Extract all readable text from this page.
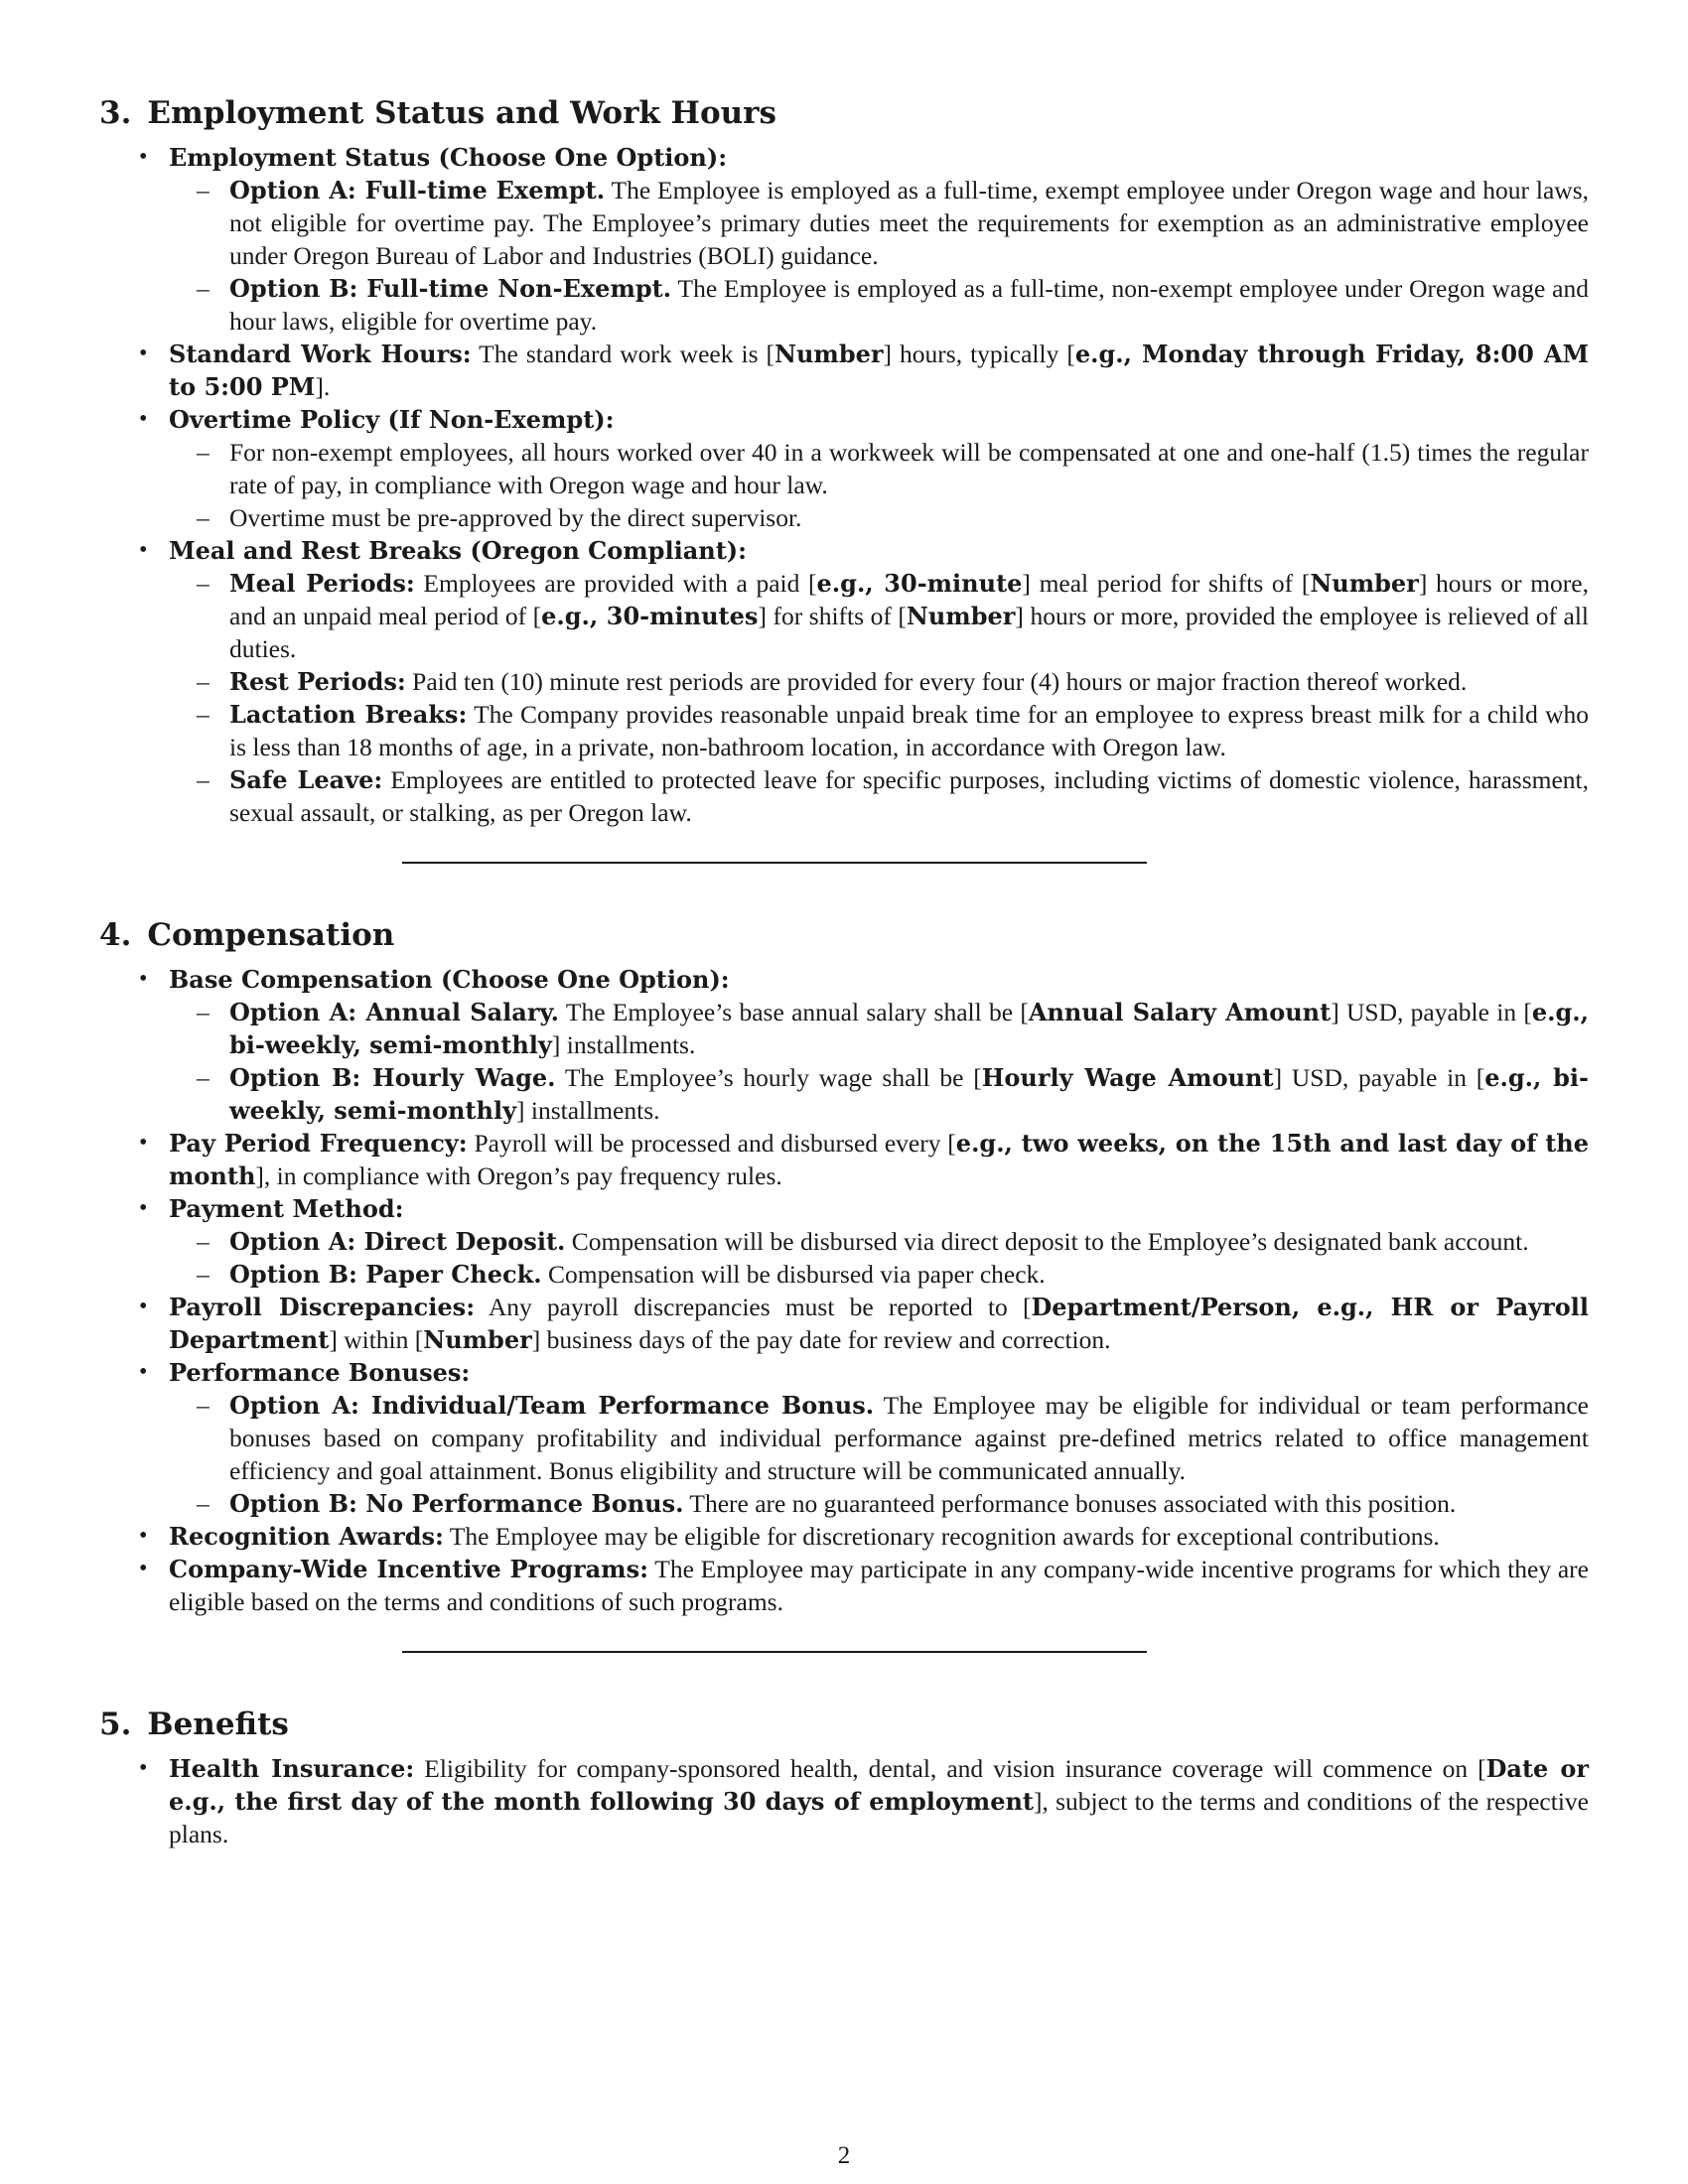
3. Employment Status and Work Hours
• Employment Status (Choose One Option):
– Option A: Full-time Exempt. The Employee is employed as a full-time, exempt employee under Oregon wage and hour laws, not eligible for overtime pay. The Employee’s primary duties meet the requirements for exemption as an administrative employee under Oregon Bureau of Labor and Industries (BOLI) guidance.
– Option B: Full-time Non-Exempt. The Employee is employed as a full-time, non-exempt employee under Oregon wage and hour laws, eligible for overtime pay.
• Standard Work Hours: The standard work week is [Number] hours, typically [e.g., Monday through Friday, 8:00 AM to 5:00 PM].
• Overtime Policy (If Non-Exempt):
– For non-exempt employees, all hours worked over 40 in a workweek will be compensated at one and one-half (1.5) times the regular rate of pay, in compliance with Oregon wage and hour law.
– Overtime must be pre-approved by the direct supervisor.
• Meal and Rest Breaks (Oregon Compliant):
– Meal Periods: Employees are provided with a paid [e.g., 30-minute] meal period for shifts of [Number] hours or more, and an unpaid meal period of [e.g., 30-minutes] for shifts of [Number] hours or more, provided the employee is relieved of all duties.
– Rest Periods: Paid ten (10) minute rest periods are provided for every four (4) hours or major fraction thereof worked.
– Lactation Breaks: The Company provides reasonable unpaid break time for an employee to express breast milk for a child who is less than 18 months of age, in a private, non-bathroom location, in accordance with Oregon law.
– Safe Leave: Employees are entitled to protected leave for specific purposes, including victims of domestic violence, harassment, sexual assault, or stalking, as per Oregon law.
4. Compensation
• Base Compensation (Choose One Option):
– Option A: Annual Salary. The Employee’s base annual salary shall be [Annual Salary Amount] USD, payable in [e.g., bi-weekly, semi-monthly] installments.
– Option B: Hourly Wage. The Employee’s hourly wage shall be [Hourly Wage Amount] USD, payable in [e.g., bi-weekly, semi-monthly] installments.
• Pay Period Frequency: Payroll will be processed and disbursed every [e.g., two weeks, on the 15th and last day of the month], in compliance with Oregon’s pay frequency rules.
• Payment Method:
– Option A: Direct Deposit. Compensation will be disbursed via direct deposit to the Employee’s designated bank account.
– Option B: Paper Check. Compensation will be disbursed via paper check.
• Payroll Discrepancies: Any payroll discrepancies must be reported to [Department/Person, e.g., HR or Payroll Department] within [Number] business days of the pay date for review and correction.
• Performance Bonuses:
– Option A: Individual/Team Performance Bonus. The Employee may be eligible for individual or team performance bonuses based on company profitability and individual performance against pre-defined metrics related to office management efficiency and goal attainment. Bonus eligibility and structure will be communicated annually.
– Option B: No Performance Bonus. There are no guaranteed performance bonuses associated with this position.
• Recognition Awards: The Employee may be eligible for discretionary recognition awards for exceptional contributions.
• Company-Wide Incentive Programs: The Employee may participate in any company-wide incentive programs for which they are eligible based on the terms and conditions of such programs.
5. Benefits
• Health Insurance: Eligibility for company-sponsored health, dental, and vision insurance coverage will commence on [Date or e.g., the first day of the month following 30 days of employment], subject to the terms and conditions of the respective plans.
2
